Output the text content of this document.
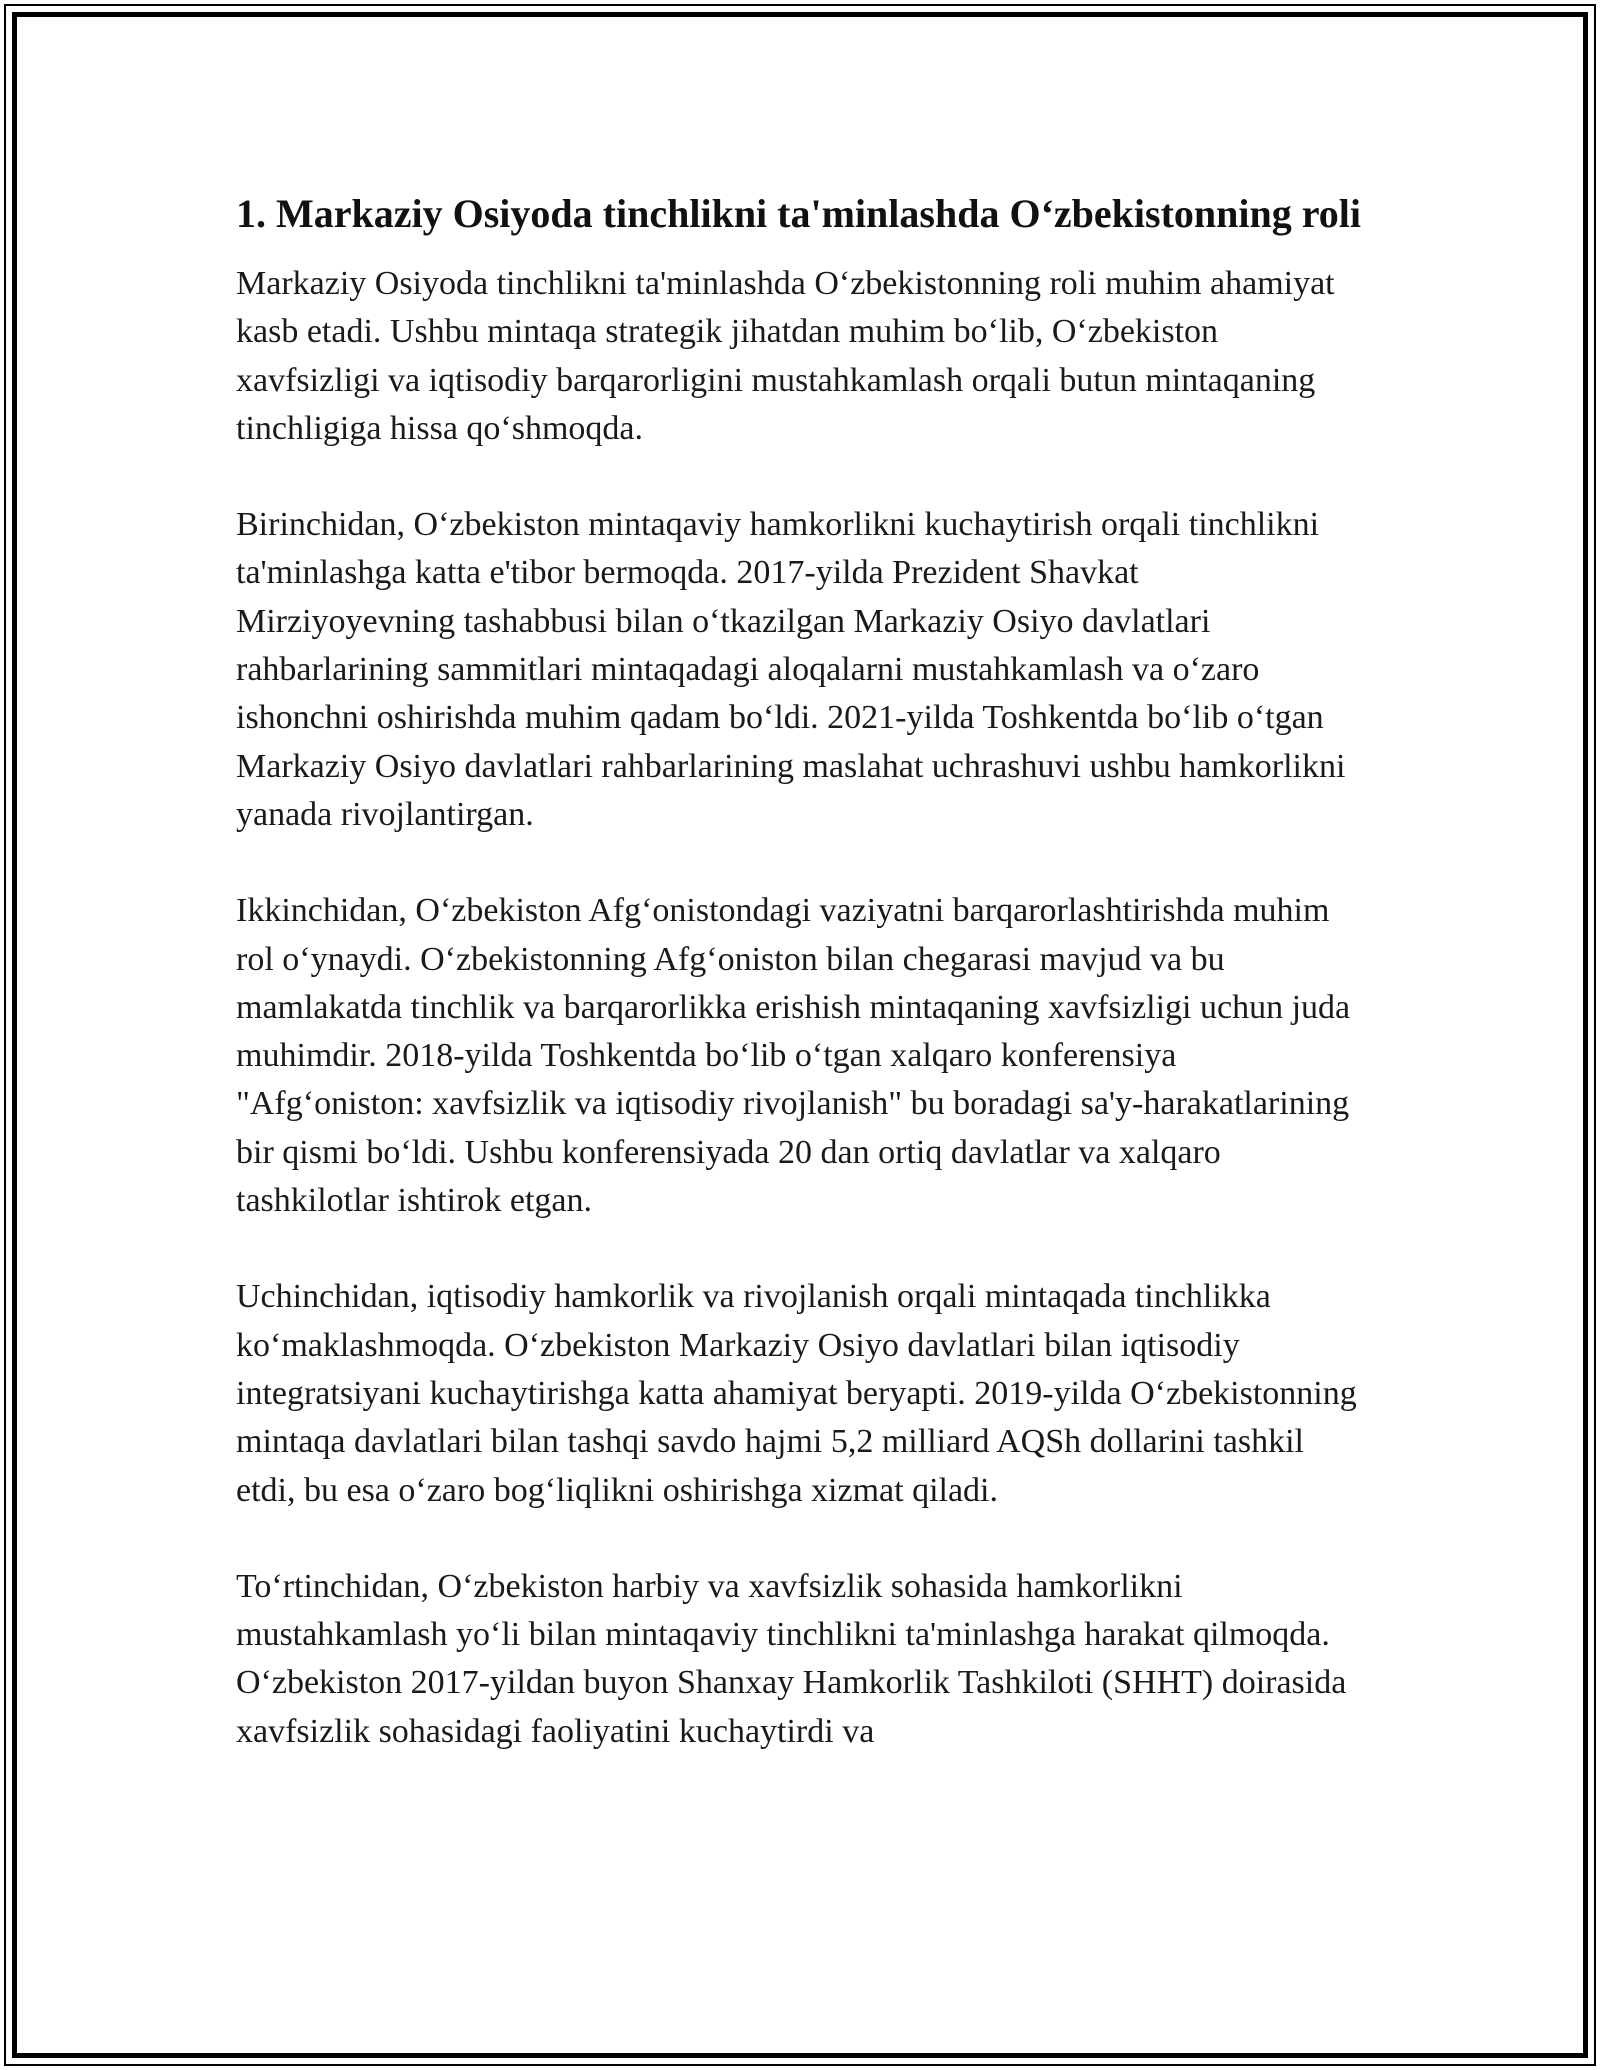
1. Markaziy Osiyoda tinchlikni ta'minlashda O‘zbekistonning roli

Markaziy Osiyoda tinchlikni ta'minlashda O‘zbekistonning roli muhim ahamiyat kasb etadi. Ushbu mintaqa strategik jihatdan muhim bo‘lib, O‘zbekiston xavfsizligi va iqtisodiy barqarorligini mustahkamlash orqali butun mintaqaning tinchligiga hissa qo‘shmoqda.

Birinchidan, O‘zbekiston mintaqaviy hamkorlikni kuchaytirish orqali tinchlikni ta'minlashga katta e'tibor bermoqda. 2017-yilda Prezident Shavkat Mirziyoyevning tashabbusi bilan o‘tkazilgan Markaziy Osiyo davlatlari rahbarlarining sammitlari mintaqadagi aloqalarni mustahkamlash va o‘zaro ishonchni oshirishda muhim qadam bo‘ldi. 2021-yilda Toshkentda bo‘lib o‘tgan Markaziy Osiyo davlatlari rahbarlarining maslahat uchrashuvi ushbu hamkorlikni yanada rivojlantirgan.

Ikkinchidan, O‘zbekiston Afg‘onistondagi vaziyatni barqarorlashtirishda muhim rol o‘ynaydi. O‘zbekistonning Afg‘oniston bilan chegarasi mavjud va bu mamlakatda tinchlik va barqarorlikka erishish mintaqaning xavfsizligi uchun juda muhimdir. 2018-yilda Toshkentda bo‘lib o‘tgan xalqaro konferensiya "Afg‘oniston: xavfsizlik va iqtisodiy rivojlanish" bu boradagi sa'y-harakatlarining bir qismi bo‘ldi. Ushbu konferensiyada 20 dan ortiq davlatlar va xalqaro tashkilotlar ishtirok etgan.

Uchinchidan, iqtisodiy hamkorlik va rivojlanish orqali mintaqada tinchlikka ko‘maklashmoqda. O‘zbekiston Markaziy Osiyo davlatlari bilan iqtisodiy integratsiyani kuchaytirishga katta ahamiyat beryapti. 2019-yilda O‘zbekistonning mintaqa davlatlari bilan tashqi savdo hajmi 5,2 milliard AQSh dollarini tashkil etdi, bu esa o‘zaro bog‘liqlikni oshirishga xizmat qiladi.

To‘rtinchidan, O‘zbekiston harbiy va xavfsizlik sohasida hamkorlikni mustahkamlash yo‘li bilan mintaqaviy tinchlikni ta'minlashga harakat qilmoqda. O‘zbekiston 2017-yildan buyon Shanxay Hamkorlik Tashkiloti (SHHT) doirasida xavfsizlik sohasidagi faoliyatini kuchaytirdi va
